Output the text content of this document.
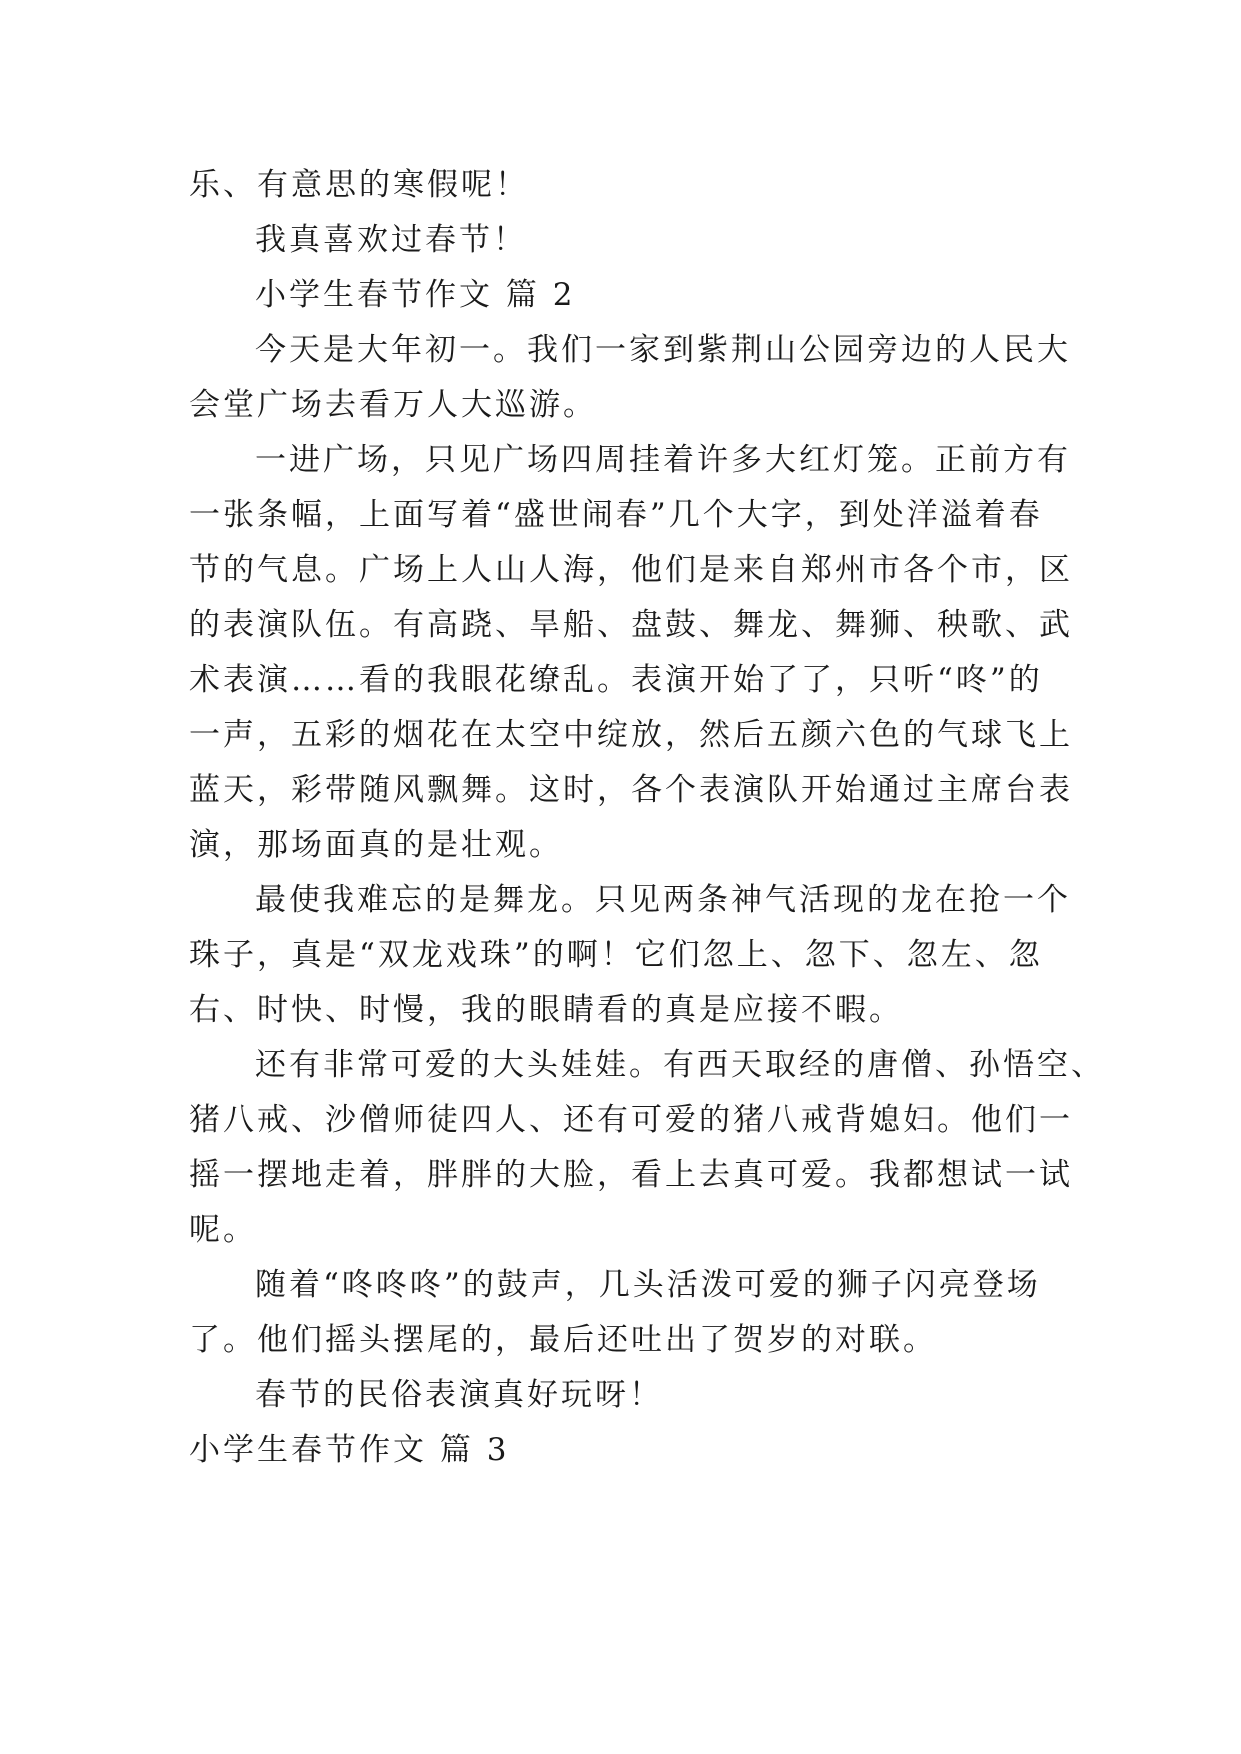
乐、有意思的寒假呢！
我真喜欢过春节！
小学生春节作文 篇 2
今天是大年初一。我们一家到紫荆山公园旁边的人民大
会堂广场去看万人大巡游。
一进广场，只见广场四周挂着许多大红灯笼。正前方有
一张条幅，上面写着“盛世闹春”几个大字，到处洋溢着春
节的气息。广场上人山人海，他们是来自郑州市各个市，区
的表演队伍。有高跷、旱船、盘鼓、舞龙、舞狮、秧歌、武
术表演……看的我眼花缭乱。表演开始了了，只听“咚”的
一声，五彩的烟花在太空中绽放，然后五颜六色的气球飞上
蓝天，彩带随风飘舞。这时，各个表演队开始通过主席台表
演，那场面真的是壮观。
最使我难忘的是舞龙。只见两条神气活现的龙在抢一个
珠子，真是“双龙戏珠”的啊！它们忽上、忽下、忽左、忽
右、时快、时慢，我的眼睛看的真是应接不暇。
还有非常可爱的大头娃娃。有西天取经的唐僧、孙悟空、
猪八戒、沙僧师徒四人、还有可爱的猪八戒背媳妇。他们一
摇一摆地走着，胖胖的大脸，看上去真可爱。我都想试一试
呢。
随着“咚咚咚”的鼓声，几头活泼可爱的狮子闪亮登场
了。他们摇头摆尾的，最后还吐出了贺岁的对联。
春节的民俗表演真好玩呀！
小学生春节作文 篇 3
